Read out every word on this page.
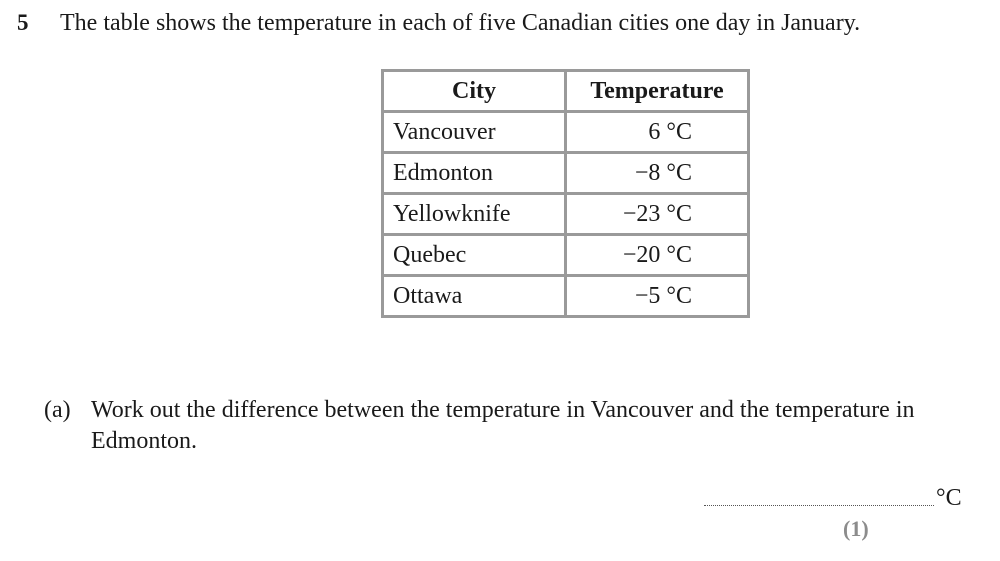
5 The table shows the temperature in each of five Canadian cities one day in January.
City	Temperature
Vancouver	6 °C
Edmonton	−8 °C
Yellowknife	−23 °C
Quebec	−20 °C
Ottawa	−5 °C
(a) Work out the difference between the temperature in Vancouver and the temperature in Edmonton.
°C
(1)
